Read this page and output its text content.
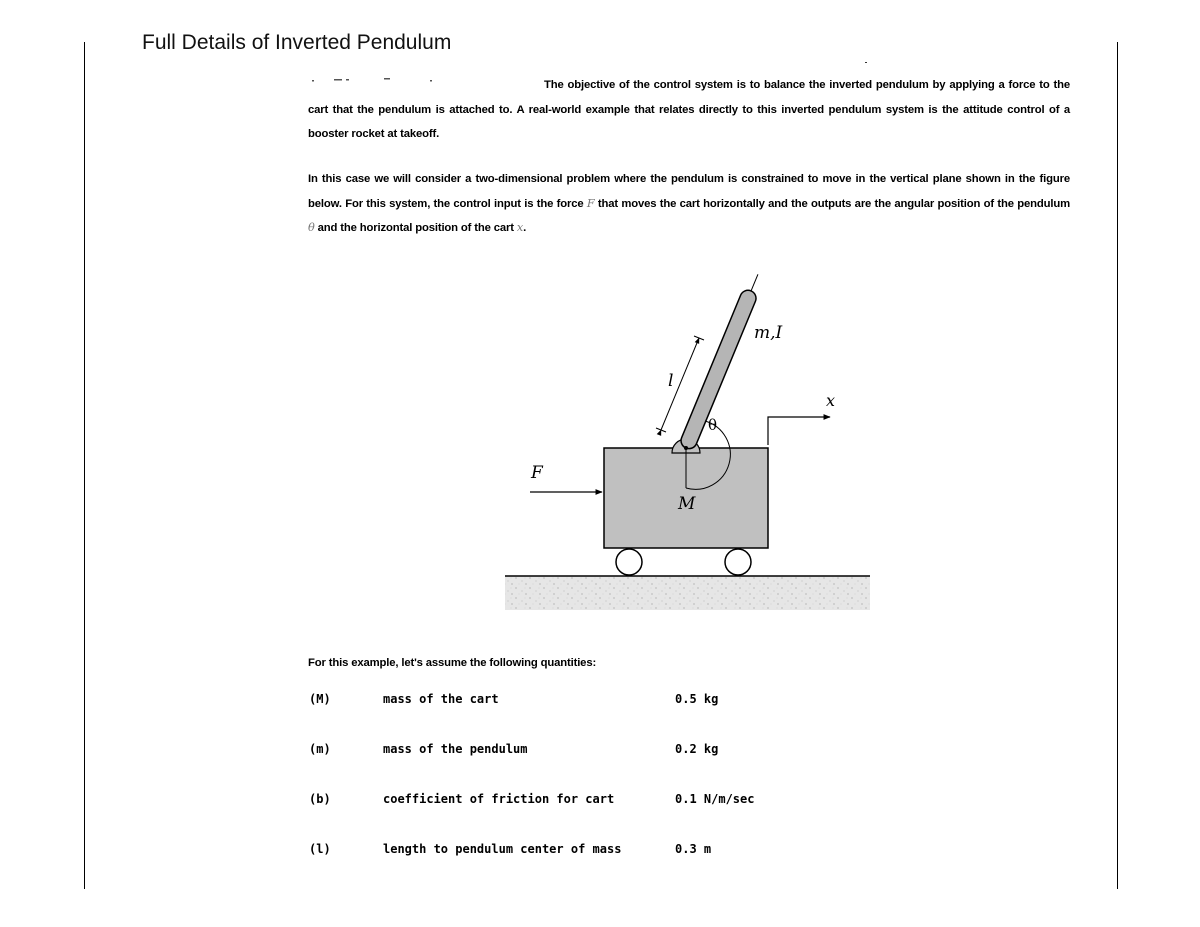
Full Details of Inverted Pendulum
The objective of the control system is to balance the inverted pendulum by applying a force to the cart that the pendulum is attached to. A real-world example that relates directly to this inverted pendulum system is the attitude control of a booster rocket at takeoff.
In this case we will consider a two-dimensional problem where the pendulum is constrained to move in the vertical plane shown in the figure below. For this system, the control input is the force F that moves the cart horizontally and the outputs are the angular position of the pendulum θ and the horizontal position of the cart x.
θ
l
m,I
F
M
x
For this example, let's assume the following quantities:
(M)	mass of the cart	0.5 kg
(m)	mass of the pendulum	0.2 kg
(b)	coefficient of friction for cart	0.1 N/m/sec
(l)	length to pendulum center of mass	0.3 m
